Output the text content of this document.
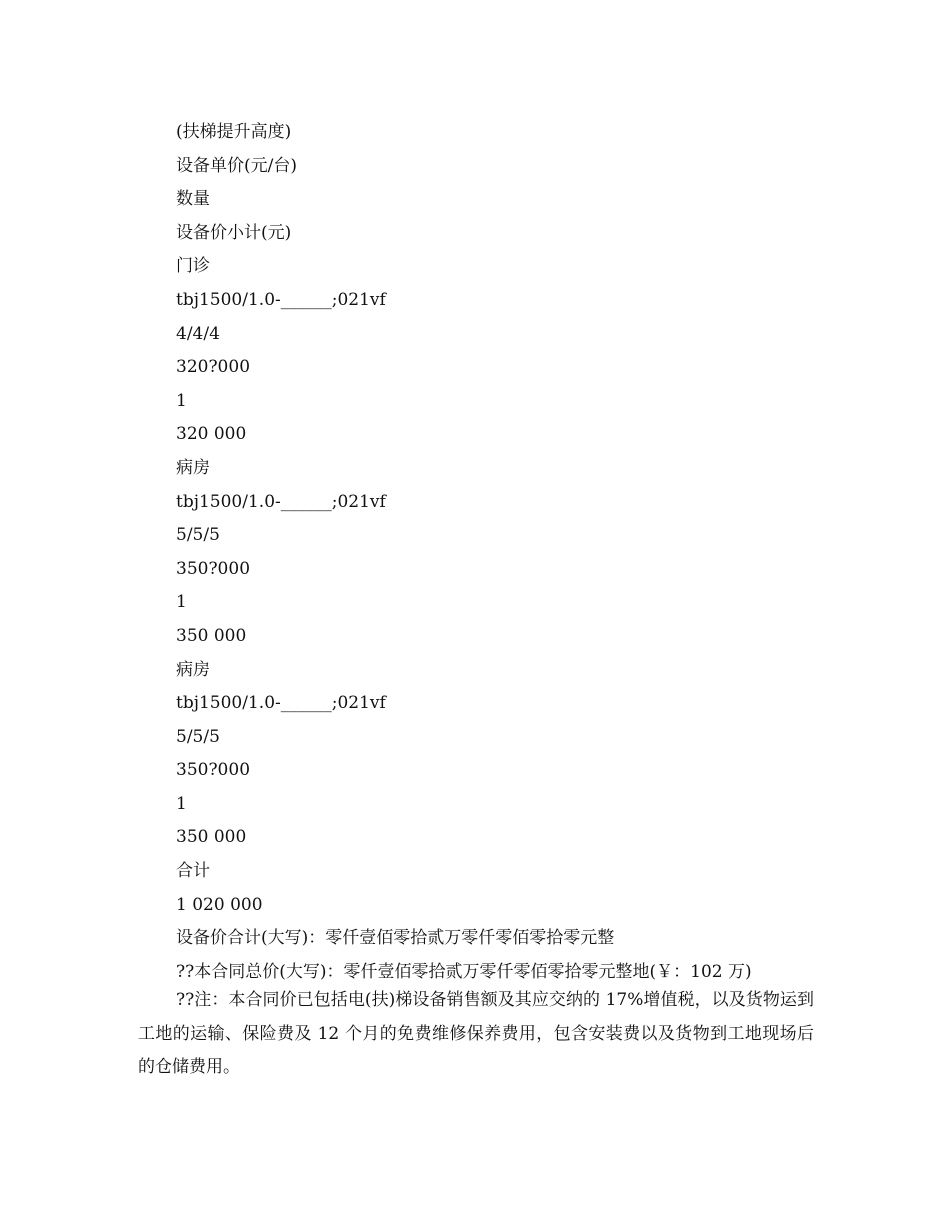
(扶梯提升高度)
设备单价(元/台)
数量
设备价小计(元)
门诊
tbj1500/1.0-______;021vf
4/4/4
320?000
1
320 000
病房
tbj1500/1.0-______;021vf
5/5/5
350?000
1
350 000
病房
tbj1500/1.0-______;021vf
5/5/5
350?000
1
350 000
合计
1 020 000
设备价合计(大写)：零仟壹佰零拾贰万零仟零佰零拾零元整
??本合同总价(大写)：零仟壹佰零拾贰万零仟零佰零拾零元整地(￥：102 万)
??注：本合同价已包括电(扶)梯设备销售额及其应交纳的 17%增值税，以及货物运到工地的运输、保险费及 12 个月的免费维修保养费用，包含安装费以及货物到工地现场后的仓储费用。
